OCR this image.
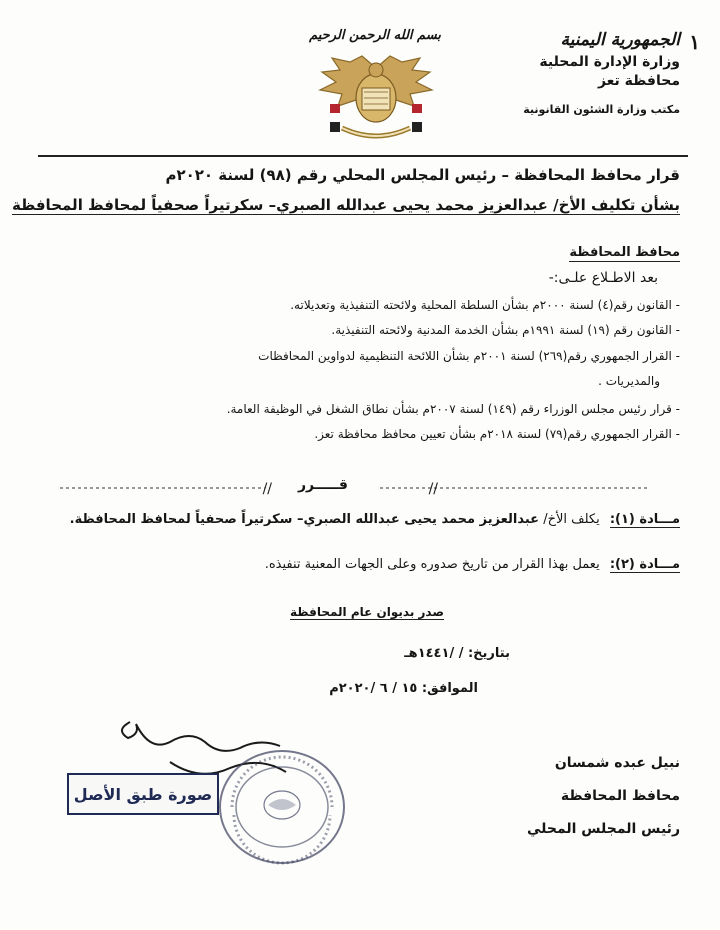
١
الجمهورية اليمنية
وزارة الإدارة المحلية
محافظة تعز
مكتب وزارة الشئون القانونية
بسم الله الرحمن الرحيم
قرار محافظ المحافظة – رئيس المجلس المحلي رقم (٩٨) لسنة ٢٠٢٠م
بشأن تكليف الأخ/ عبدالعزيز محمد يحيى عبدالله الصبري– سكرتيراً صحفياً لمحافظ المحافظة
محافظ المحافظة
بعد الاطـلاع علـى:-
- القانون رقم(٤) لسنة ٢٠٠٠م بشأن السلطة المحلية ولائحته التنفيذية وتعديلاته.
- القانون رقم (١٩) لسنة ١٩٩١م بشأن الخدمة المدنية ولائحته التنفيذية.
- القرار الجمهوري رقم(٢٦٩) لسنة ٢٠٠١م بشأن اللائحة التنظيمية لدواوين المحافظات
والمديريات .
- قرار رئيس مجلس الوزراء رقم (١٤٩) لسنة ٢٠٠٧م بشأن نطاق الشغل في الوظيفة العامة.
- القرار الجمهوري رقم(٧٩) لسنة ٢٠١٨م بشأن تعيين محافظ محافظة تعز.
//	//
قـــــرر
مـــادة (١): يكلف الأخ/ عبدالعزيز محمد يحيى عبدالله الصبري– سكرتيراً صحفياً لمحافظ المحافظة.
مـــادة (٢): يعمل بهذا القرار من تاريخ صدوره وعلى الجهات المعنية تنفيذه.
صدر بديوان عام المحافظة
بتاريخ: / /١٤٤١هـ
الموافق: ١٥ / ٦ /٢٠٢٠م
نبيل عبده شمسان
محافظ المحافظة
رئيس المجلس المحلي
صورة طبق الأصل
